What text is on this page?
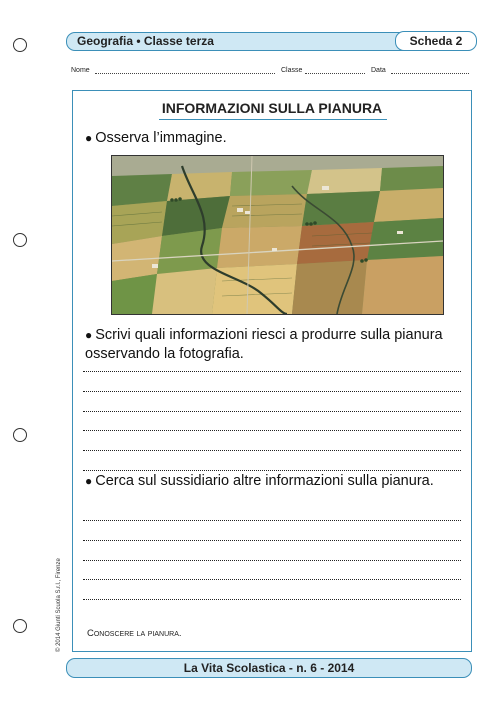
Geografia • Classe terza	Scheda 2
Nome	Classe	Data
INFORMAZIONI SULLA PIANURA
● Osserva l’immagine.
● Scrivi quali informazioni riesci a produrre sulla pianura osservando la fotografia.
● Cerca sul sussidiario altre informazioni sulla pianura.
Conoscere la pianura.
© 2014 Giunti Scuola S.r.l., Firenze
La Vita Scolastica - n. 6 - 2014
